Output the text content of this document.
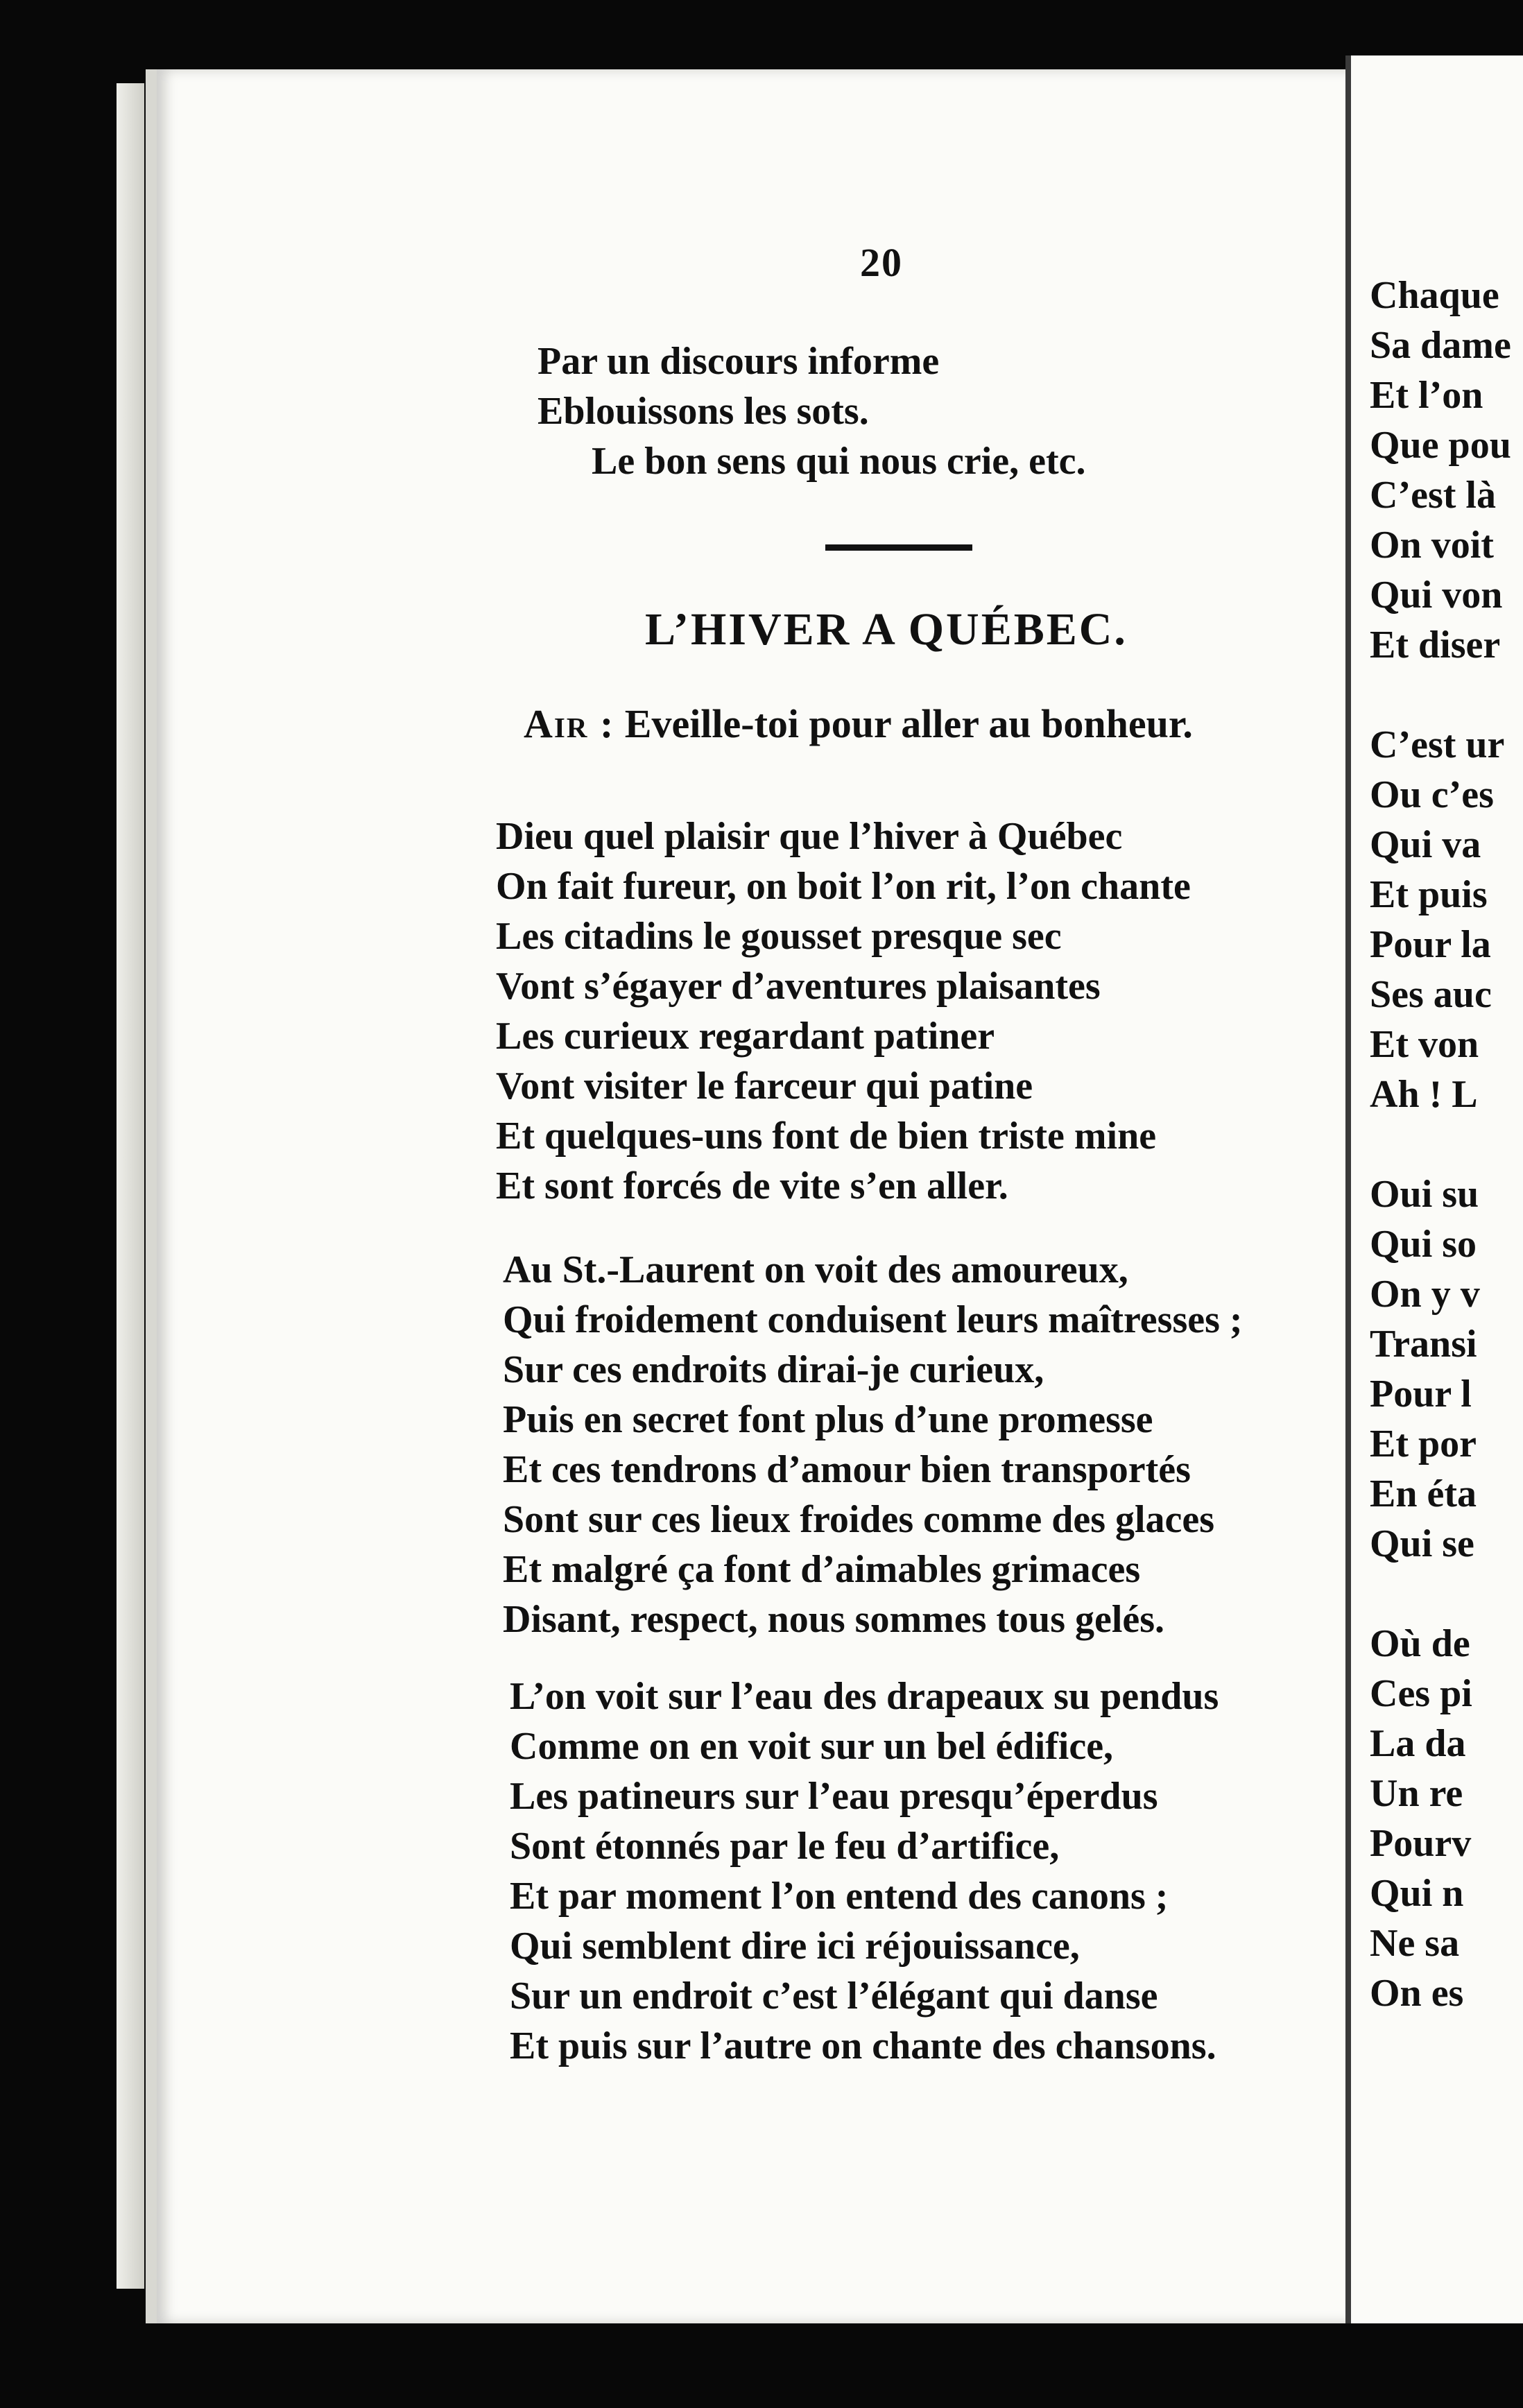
20
Par un discours informe
Eblouissons les sots.
Le bon sens qui nous crie, etc.
L’HIVER A QUÉBEC.
Air : Eveille-toi pour aller au bonheur.
Dieu quel plaisir que l’hiver à Québec
On fait fureur, on boit l’on rit, l’on chante
Les citadins le gousset presque sec
Vont s’égayer d’aventures plaisantes
Les curieux regardant patiner
Vont visiter le farceur qui patine
Et quelques-uns font de bien triste mine
Et sont forcés de vite s’en aller.
Au St.-Laurent on voit des amoureux,
Qui froidement conduisent leurs maîtresses ;
Sur ces endroits dirai-je curieux,
Puis en secret font plus d’une promesse
Et ces tendrons d’amour bien transportés
Sont sur ces lieux froides comme des glaces
Et malgré ça font d’aimables grimaces
Disant, respect, nous sommes tous gelés.
L’on voit sur l’eau des drapeaux su pendus
Comme on en voit sur un bel édifice,
Les patineurs sur l’eau presqu’éperdus
Sont étonnés par le feu d’artifice,
Et par moment l’on entend des canons ;
Qui semblent dire ici réjouissance,
Sur un endroit c’est l’élégant qui danse
Et puis sur l’autre on chante des chansons.
Chaque
Sa dame
Et l’on
Que pou
C’est là
On voit
Qui von
Et diser
C’est ur
Ou c’es
Qui va
Et puis
Pour la
Ses auc
Et von
Ah ! L
Oui su
Qui so
On y v
Transi
Pour l
Et por
En éta
Qui se
Où de
Ces pi
La da
Un re
Pourv
Qui n
Ne sa
On es
